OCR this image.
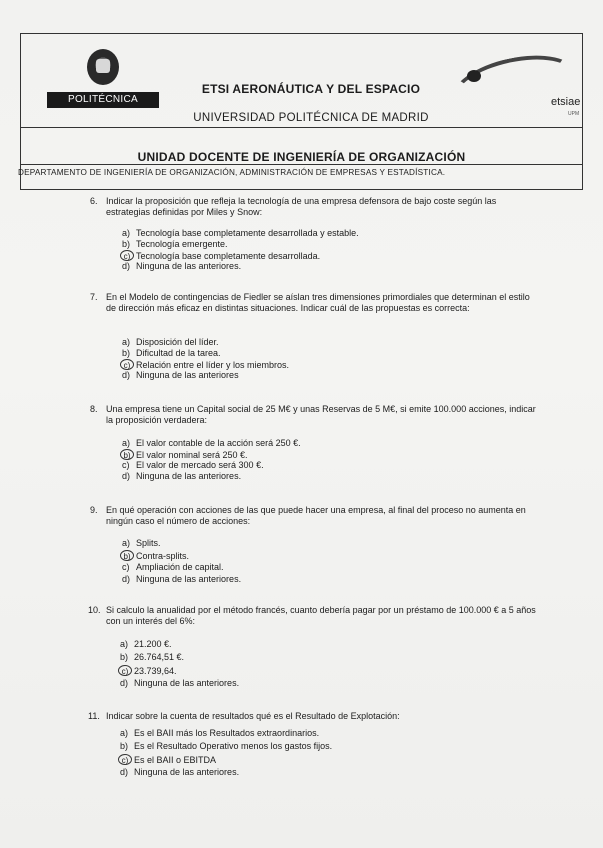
POLITÉCNICA
ETSI AERONÁUTICA Y DEL ESPACIO
UNIVERSIDAD POLITÉCNICA DE MADRID
etsiae
UPM
UNIDAD DOCENTE DE INGENIERÍA DE ORGANIZACIÓN
DEPARTAMENTO DE INGENIERÍA DE ORGANIZACIÓN, ADMINISTRACIÓN DE EMPRESAS Y ESTADÍSTICA.
6. Indicar la proposición que refleja la tecnología de una empresa defensora de bajo coste según las estrategias definidas por Miles y Snow:
a) Tecnología base completamente desarrollada y estable.
b) Tecnología emergente.
c) Tecnología base completamente desarrollada.
d) Ninguna de las anteriores.
7. En el Modelo de contingencias de Fiedler se aíslan tres dimensiones primordiales que determinan el estilo de dirección más eficaz en distintas situaciones. Indicar cuál de las propuestas es correcta:
a) Disposición del líder.
b) Dificultad de la tarea.
c) Relación entre el líder y los miembros.
d) Ninguna de las anteriores
8. Una empresa tiene un Capital social de 25 M€ y unas Reservas de 5 M€, si emite 100.000 acciones, indicar la proposición verdadera:
a) El valor contable de la acción será 250 €.
b) El valor nominal será 250 €.
c) El valor de mercado será 300 €.
d) Ninguna de las anteriores.
9. En qué operación con acciones de las que puede hacer una empresa, al final del proceso no aumenta en ningún caso el número de acciones:
a) Splits.
b) Contra-splits.
c) Ampliación de capital.
d) Ninguna de las anteriores.
10. Si calculo la anualidad por el método francés, cuanto debería pagar por un préstamo de 100.000 € a 5 años con un interés del 6%:
a) 21.200 €.
b) 26.764,51 €.
c) 23.739,64.
d) Ninguna de las anteriores.
11. Indicar sobre la cuenta de resultados qué es el Resultado de Explotación:
a) Es el BAII más los Resultados extraordinarios.
b) Es el Resultado Operativo menos los gastos fijos.
c) Es el BAII o EBITDA
d) Ninguna de las anteriores.
